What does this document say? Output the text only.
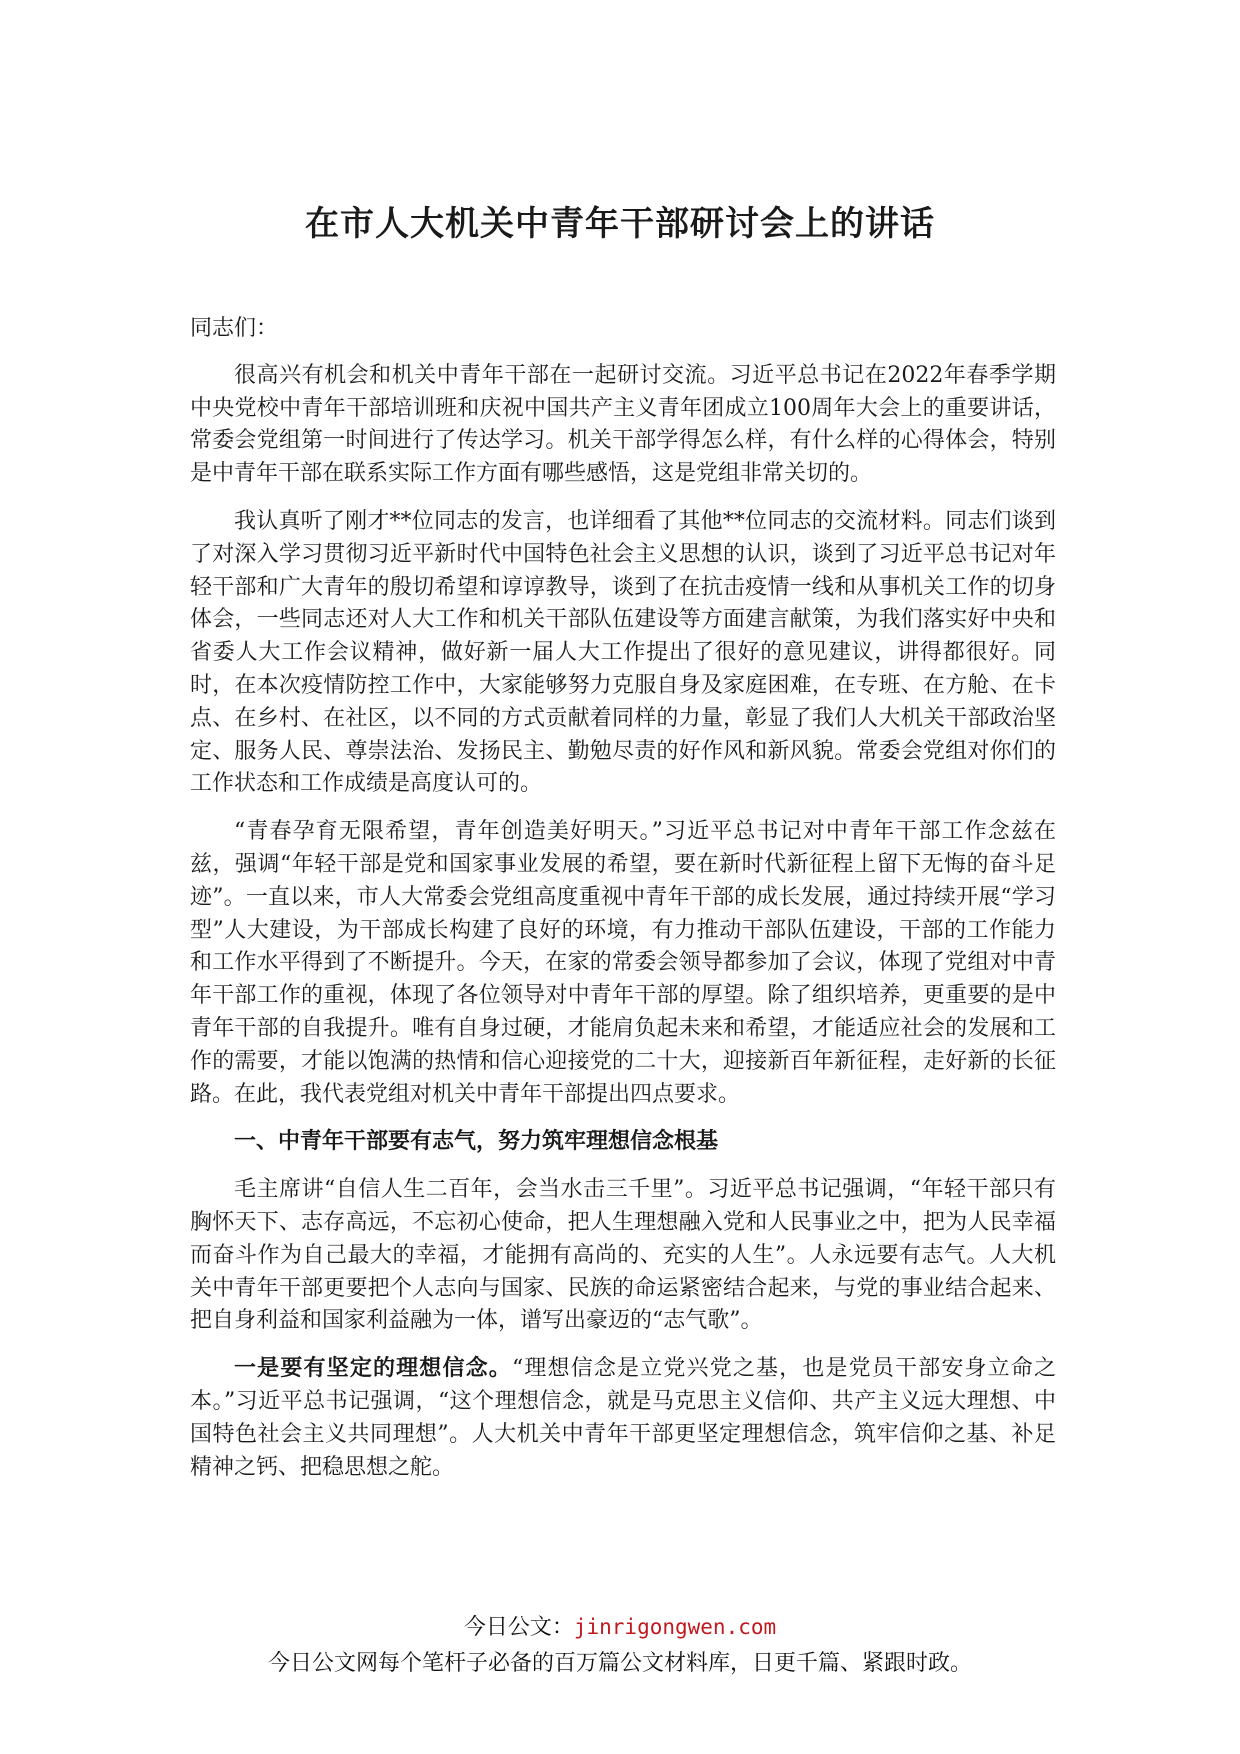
在市人大机关中青年干部研讨会上的讲话

同志们：

很高兴有机会和机关中青年干部在一起研讨交流。习近平总书记在2022年春季学期中央党校中青年干部培训班和庆祝中国共产主义青年团成立100周年大会上的重要讲话，常委会党组第一时间进行了传达学习。机关干部学得怎么样，有什么样的心得体会，特别是中青年干部在联系实际工作方面有哪些感悟，这是党组非常关切的。

我认真听了刚才**位同志的发言，也详细看了其他**位同志的交流材料。同志们谈到了对深入学习贯彻习近平新时代中国特色社会主义思想的认识，谈到了习近平总书记对年轻干部和广大青年的殷切希望和谆谆教导，谈到了在抗击疫情一线和从事机关工作的切身体会，一些同志还对人大工作和机关干部队伍建设等方面建言献策，为我们落实好中央和省委人大工作会议精神，做好新一届人大工作提出了很好的意见建议，讲得都很好。同时，在本次疫情防控工作中，大家能够努力克服自身及家庭困难，在专班、在方舱、在卡点、在乡村、在社区，以不同的方式贡献着同样的力量，彰显了我们人大机关干部政治坚定、服务人民、尊崇法治、发扬民主、勤勉尽责的好作风和新风貌。常委会党组对你们的工作状态和工作成绩是高度认可的。

“青春孕育无限希望，青年创造美好明天。”习近平总书记对中青年干部工作念兹在兹，强调“年轻干部是党和国家事业发展的希望，要在新时代新征程上留下无悔的奋斗足迹”。一直以来，市人大常委会党组高度重视中青年干部的成长发展，通过持续开展“学习型”人大建设，为干部成长构建了良好的环境，有力推动干部队伍建设，干部的工作能力和工作水平得到了不断提升。今天，在家的常委会领导都参加了会议，体现了党组对中青年干部工作的重视，体现了各位领导对中青年干部的厚望。除了组织培养，更重要的是中青年干部的自我提升。唯有自身过硬，才能肩负起未来和希望，才能适应社会的发展和工作的需要，才能以饱满的热情和信心迎接党的二十大，迎接新百年新征程，走好新的长征路。在此，我代表党组对机关中青年干部提出四点要求。

一、中青年干部要有志气，努力筑牢理想信念根基

毛主席讲“自信人生二百年，会当水击三千里”。习近平总书记强调，“年轻干部只有胸怀天下、志存高远，不忘初心使命，把人生理想融入党和人民事业之中，把为人民幸福而奋斗作为自己最大的幸福，才能拥有高尚的、充实的人生”。人永远要有志气。人大机关中青年干部更要把个人志向与国家、民族的命运紧密结合起来，与党的事业结合起来、把自身利益和国家利益融为一体，谱写出豪迈的“志气歌”。

一是要有坚定的理想信念。“理想信念是立党兴党之基，也是党员干部安身立命之本。”习近平总书记强调，“这个理想信念，就是马克思主义信仰、共产主义远大理想、中国特色社会主义共同理想”。人大机关中青年干部更坚定理想信念，筑牢信仰之基、补足精神之钙、把稳思想之舵。

今日公文：jinrigongwen.com
今日公文网每个笔杆子必备的百万篇公文材料库，日更千篇、紧跟时政。
